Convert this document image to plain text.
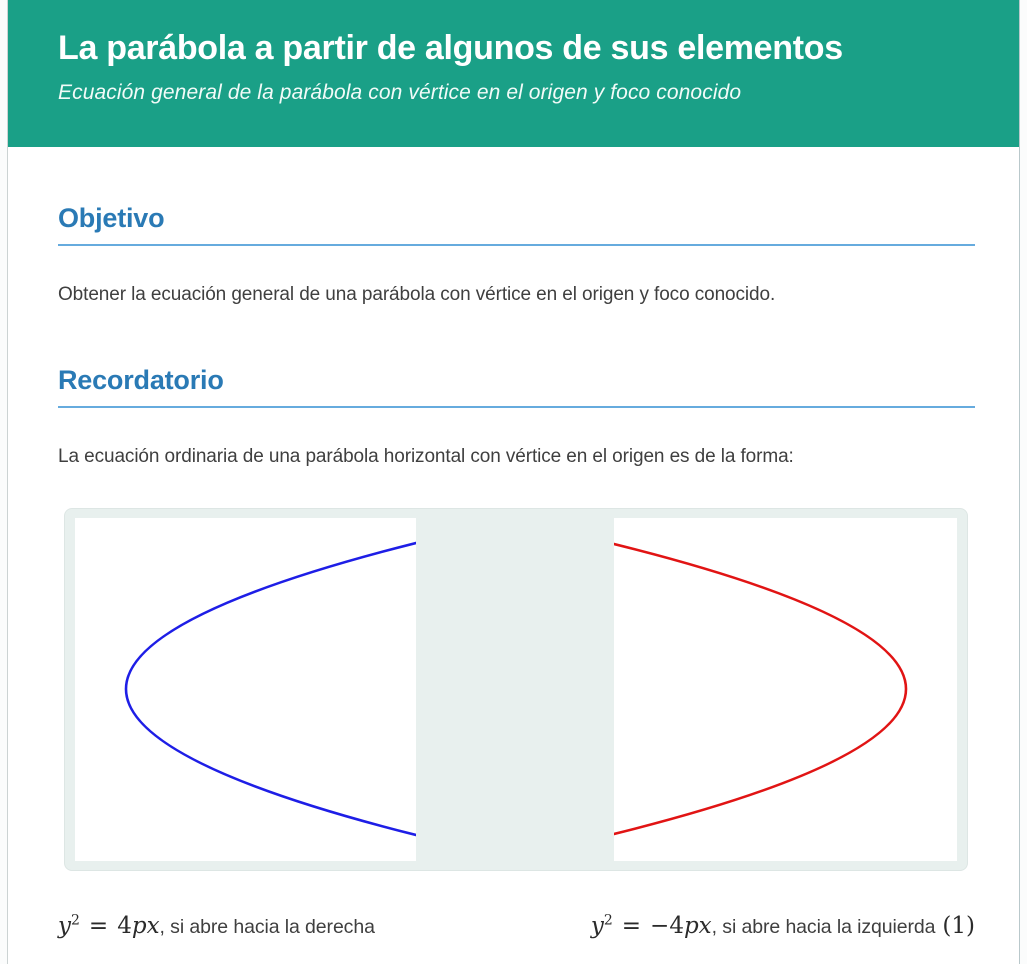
La parábola a partir de algunos de sus elementos
Ecuación general de la parábola con vértice en el origen y foco conocido
Objetivo

Obtener la ecuación general de una parábola con vértice en el origen y foco conocido.

Recordatorio

La ecuación ordinaria de una parábola horizontal con vértice en el origen es de la forma:

$y^2 = 4px$, si abre hacia la derecha	$y^2 = -4px$, si abre hacia la izquierda (1)
